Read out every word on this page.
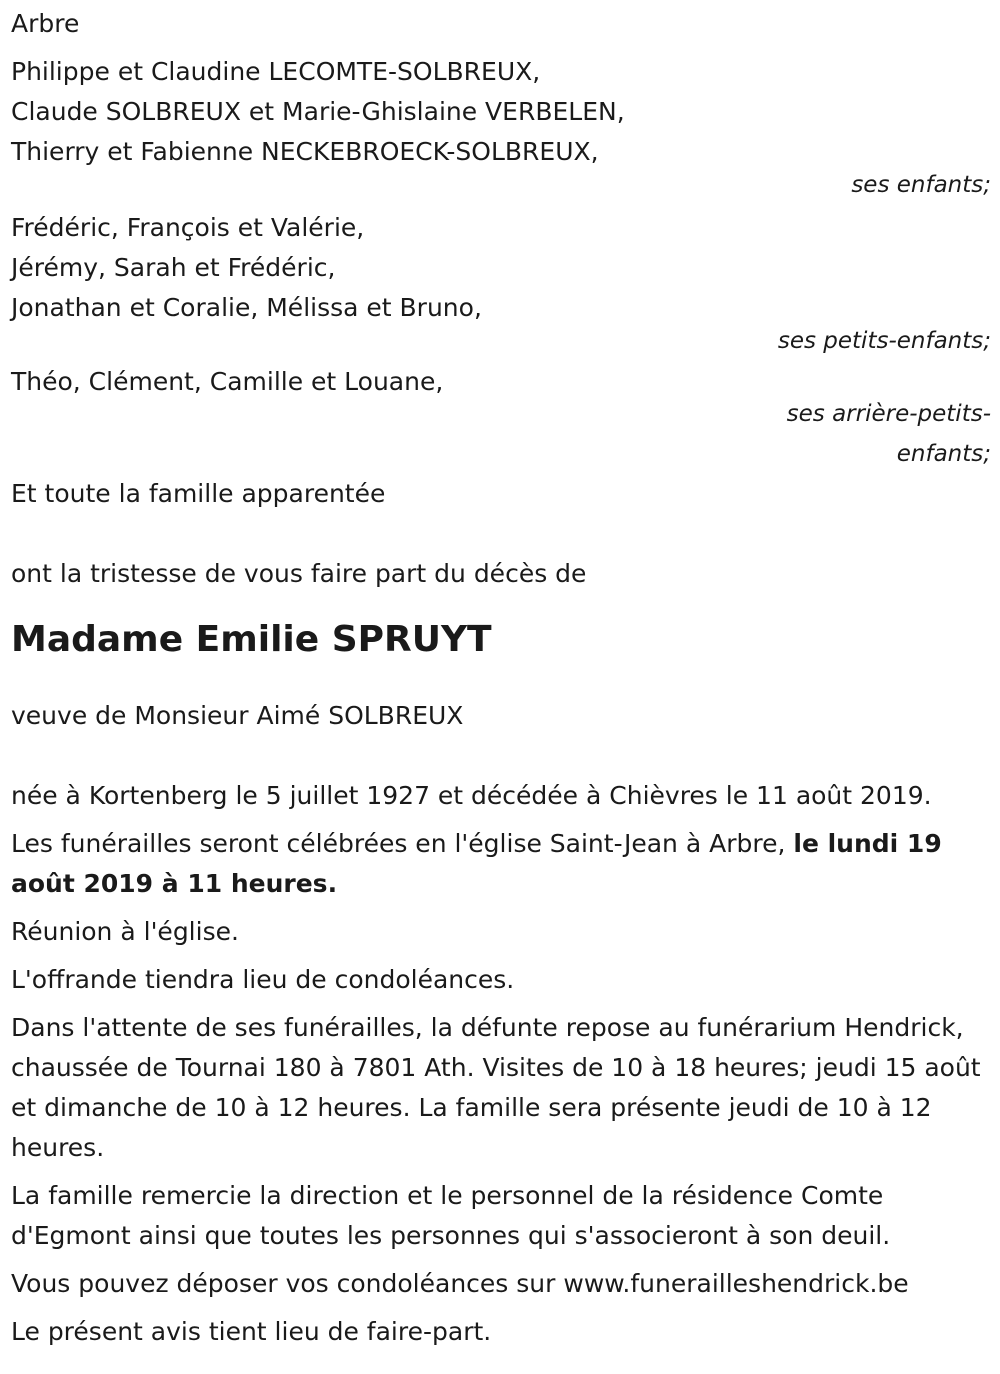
Arbre
Philippe et Claudine LECOMTE-SOLBREUX,
Claude SOLBREUX et Marie-Ghislaine VERBELEN,
Thierry et Fabienne NECKEBROECK-SOLBREUX,
ses enfants;
Frédéric, François et Valérie,
Jérémy, Sarah et Frédéric,
Jonathan et Coralie, Mélissa et Bruno,
ses petits-enfants;
Théo, Clément, Camille et Louane,
ses arrière-petits-
enfants;
Et toute la famille apparentée
ont la tristesse de vous faire part du décès de
Madame Emilie SPRUYT
veuve de Monsieur Aimé SOLBREUX
née à Kortenberg le 5 juillet 1927 et décédée à Chièvres le 11 août 2019.
Les funérailles seront célébrées en l'église Saint-Jean à Arbre, le lundi 19 août 2019 à 11 heures.
Réunion à l'église.
L'offrande tiendra lieu de condoléances.
Dans l'attente de ses funérailles, la défunte repose au funérarium Hendrick, chaussée de Tournai 180 à 7801 Ath. Visites de 10 à 18 heures; jeudi 15 août et dimanche de 10 à 12 heures. La famille sera présente jeudi de 10 à 12 heures.
La famille remercie la direction et le personnel de la résidence Comte d'Egmont ainsi que toutes les personnes qui s'associeront à son deuil.
Vous pouvez déposer vos condoléances sur www.funerailleshendrick.be
Le présent avis tient lieu de faire-part.
